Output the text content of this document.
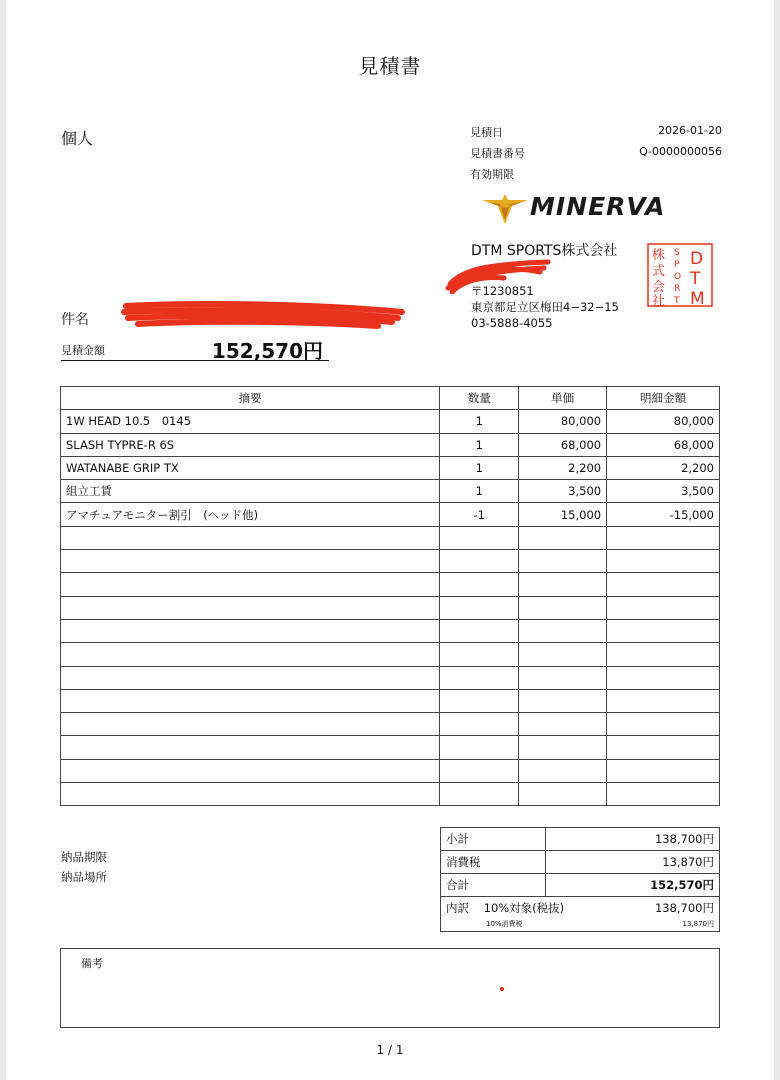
見積書
個人	見積日	2026-01-20
見積書番号	Q-0000000056
有効期限
MINERVA
DTM SPORTS株式会社
〒1230851
東京都足立区梅田4−32−15
03-5888-4055
株
式
会
社
S
P
O
R
T
D
T
M
件名
見積金額	152,570円
摘要	数量	単価	明細金額
1W HEAD 10.5　0145	1	80,000	80,000
SLASH TYPRE-R 6S	1	68,000	68,000
WATANABE GRIP TX	1	2,200	2,200
組立工賃	1	3,500	3,500
アマチュアモニター割引　(ヘッド他)	-1	15,000	-15,000

納品期限
納品場所
小計	138,700円
消費税	13,870円
合計	152,570円

内訳 10%対象(税抜) 138,700円
10%消費税 13,870円	
備考
1 / 1
